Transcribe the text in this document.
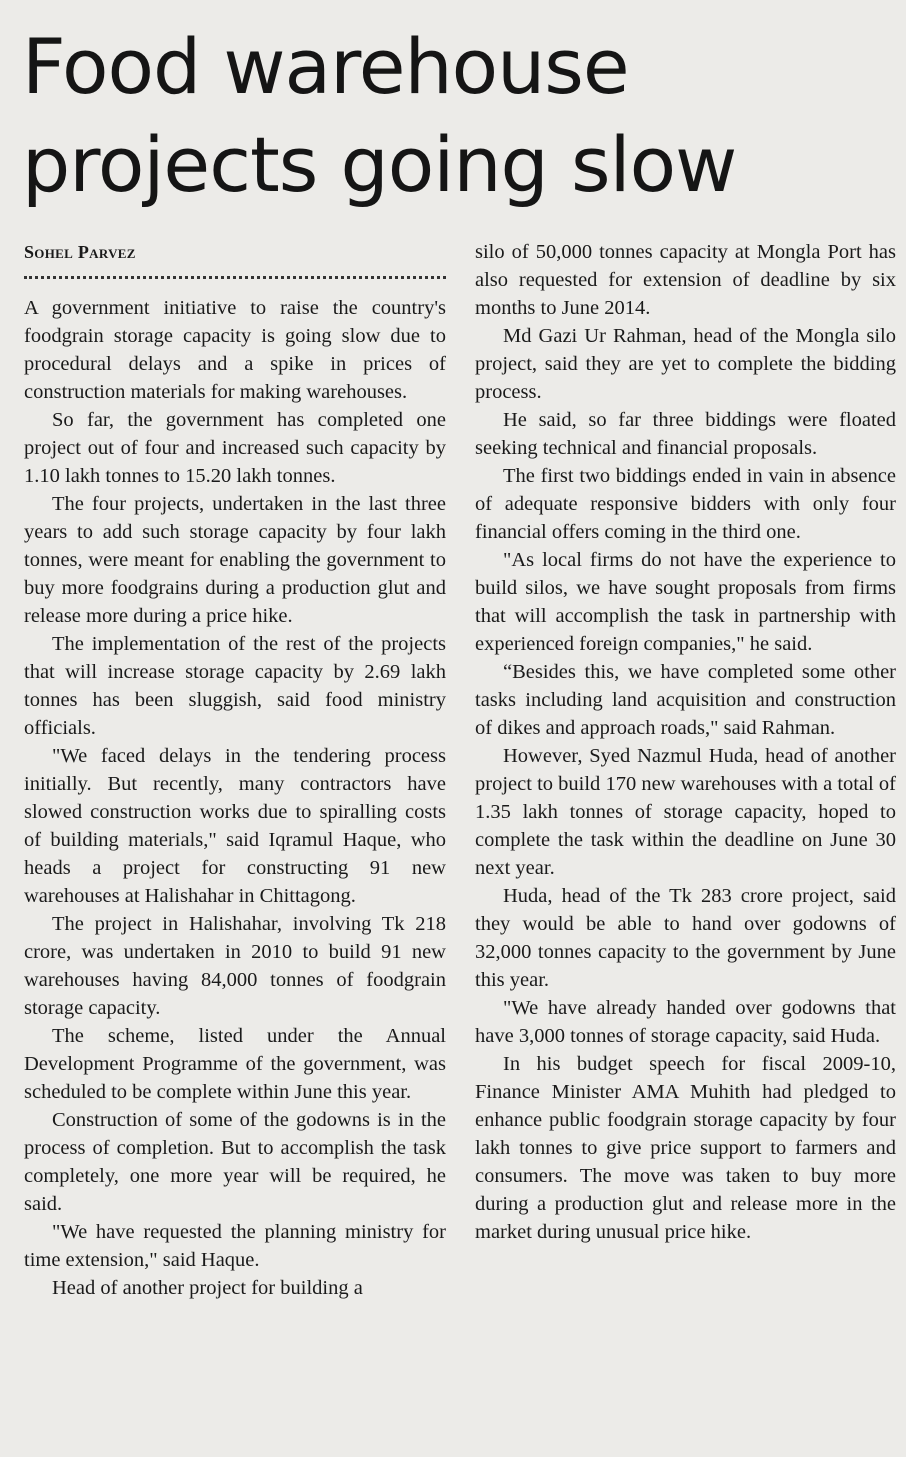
Food warehouse
projects going slow
Sohel Parvez

A government initiative to raise the country's foodgrain storage capacity is going slow due to procedural delays and a spike in prices of construction materials for making warehouses.

So far, the government has completed one project out of four and increased such capacity by 1.10 lakh tonnes to 15.20 lakh tonnes.

The four projects, undertaken in the last three years to add such storage capacity by four lakh tonnes, were meant for enabling the government to buy more foodgrains during a production glut and release more during a price hike.

The implementation of the rest of the projects that will increase storage capacity by 2.69 lakh tonnes has been sluggish, said food ministry officials.

"We faced delays in the tendering process initially. But recently, many contractors have slowed construction works due to spiralling costs of building materials," said Iqramul Haque, who heads a project for constructing 91 new warehouses at Halishahar in Chittagong.

The project in Halishahar, involving Tk 218 crore, was undertaken in 2010 to build 91 new warehouses having 84,000 tonnes of foodgrain storage capacity.

The scheme, listed under the Annual Development Programme of the government, was scheduled to be complete within June this year.

Construction of some of the godowns is in the process of completion. But to accomplish the task completely, one more year will be required, he said.

"We have requested the planning ministry for time extension," said Haque.

Head of another project for building a

silo of 50,000 tonnes capacity at Mongla Port has also requested for extension of deadline by six months to June 2014.

Md Gazi Ur Rahman, head of the Mongla silo project, said they are yet to complete the bidding process.

He said, so far three biddings were floated seeking technical and financial proposals.

The first two biddings ended in vain in absence of adequate responsive bidders with only four financial offers coming in the third one.

"As local firms do not have the experience to build silos, we have sought proposals from firms that will accomplish the task in partnership with experienced foreign companies," he said.

“Besides this, we have completed some other tasks including land acquisition and construction of dikes and approach roads," said Rahman.

However, Syed Nazmul Huda, head of another project to build 170 new warehouses with a total of 1.35 lakh tonnes of storage capacity, hoped to complete the task within the deadline on June 30 next year.

Huda, head of the Tk 283 crore project, said they would be able to hand over godowns of 32,000 tonnes capacity to the government by June this year.

"We have already handed over godowns that have 3,000 tonnes of storage capacity, said Huda.

In his budget speech for fiscal 2009-10, Finance Minister AMA Muhith had pledged to enhance public foodgrain storage capacity by four lakh tonnes to give price support to farmers and consumers. The move was taken to buy more during a production glut and release more in the market during unusual price hike.
